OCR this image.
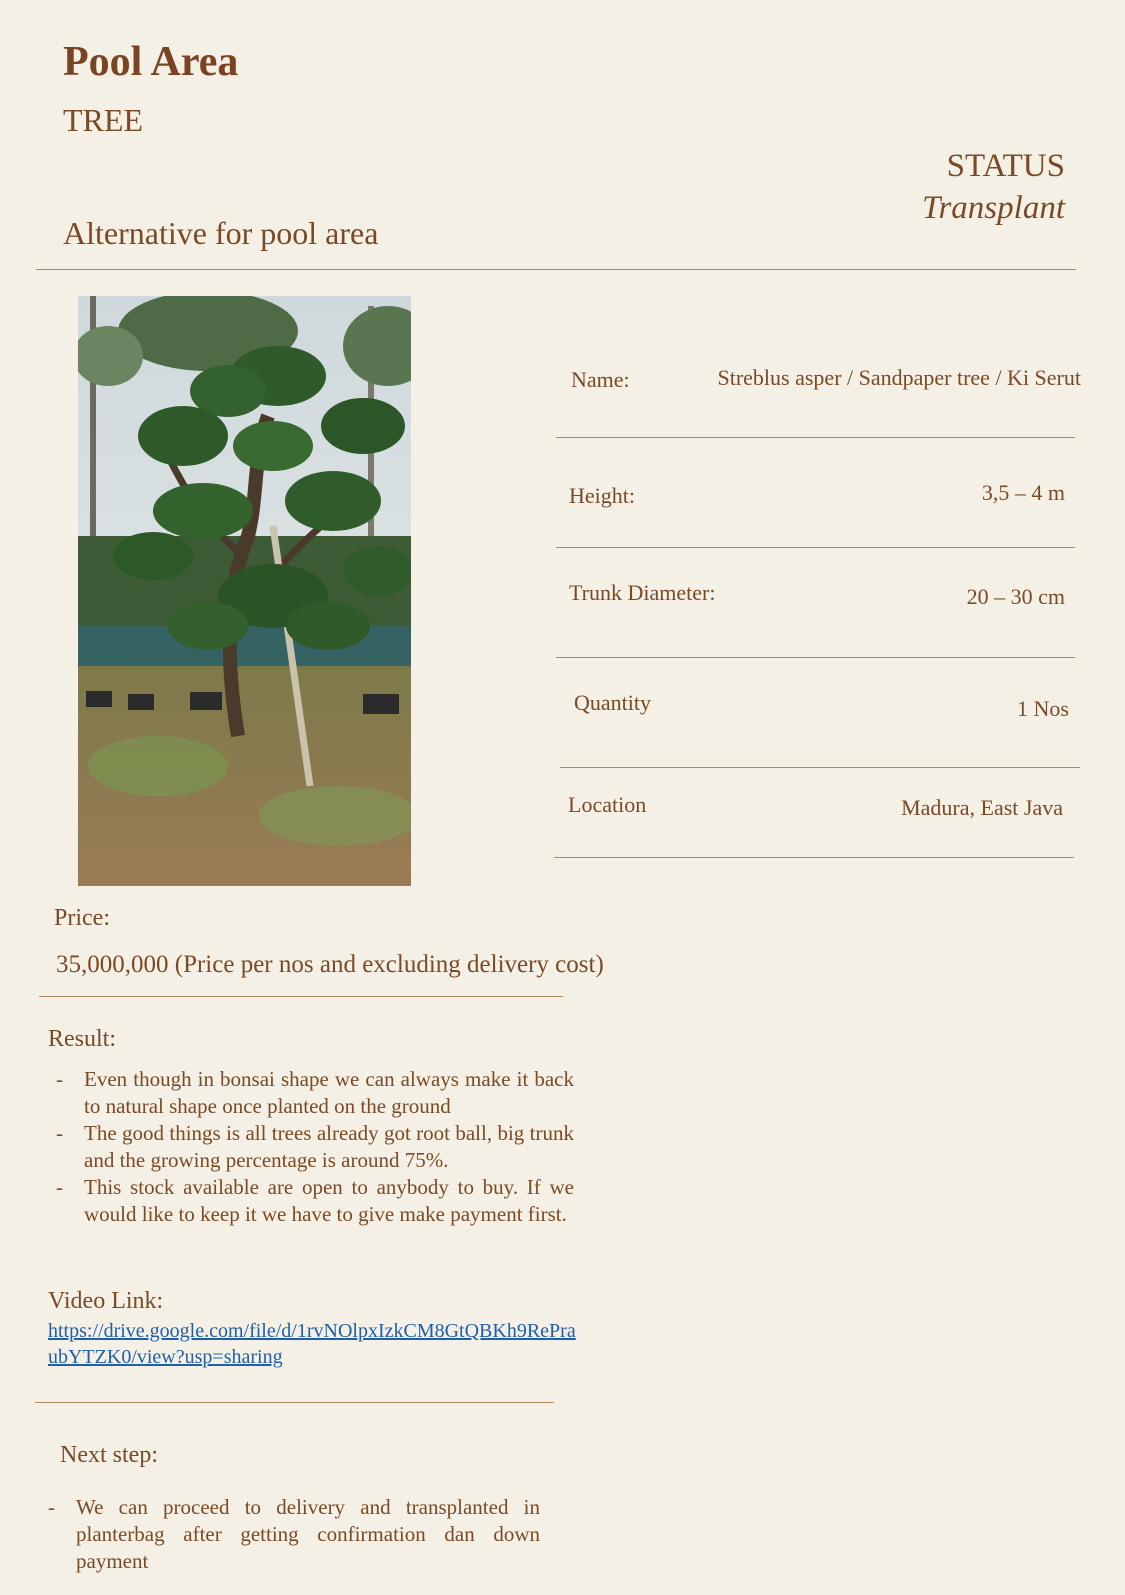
Pool Area
TREE
STATUS
Transplant
Alternative for pool area
Name:	Streblus asper / Sandpaper tree / Ki Serut
Height:	3,5 – 4 m
Trunk Diameter:	20 – 30 cm
Quantity	1 Nos
Location	Madura, East Java
Price:
35,000,000 (Price per nos and excluding delivery cost)
Result:
-	Even though in bonsai shape we can always make it back to natural shape once planted on the ground
-	The good things is all trees already got root ball, big trunk and the growing percentage is around 75%.
-	This stock available are open to anybody to buy. If we would like to keep it we have to give make payment first.
Video Link:
https://drive.google.com/file/d/1rvNOlpxIzkCM8GtQBKh9RePraubYTZK0/view?usp=sharing
Next step:
-	We can proceed to delivery and transplanted in planterbag after getting confirmation dan down payment
